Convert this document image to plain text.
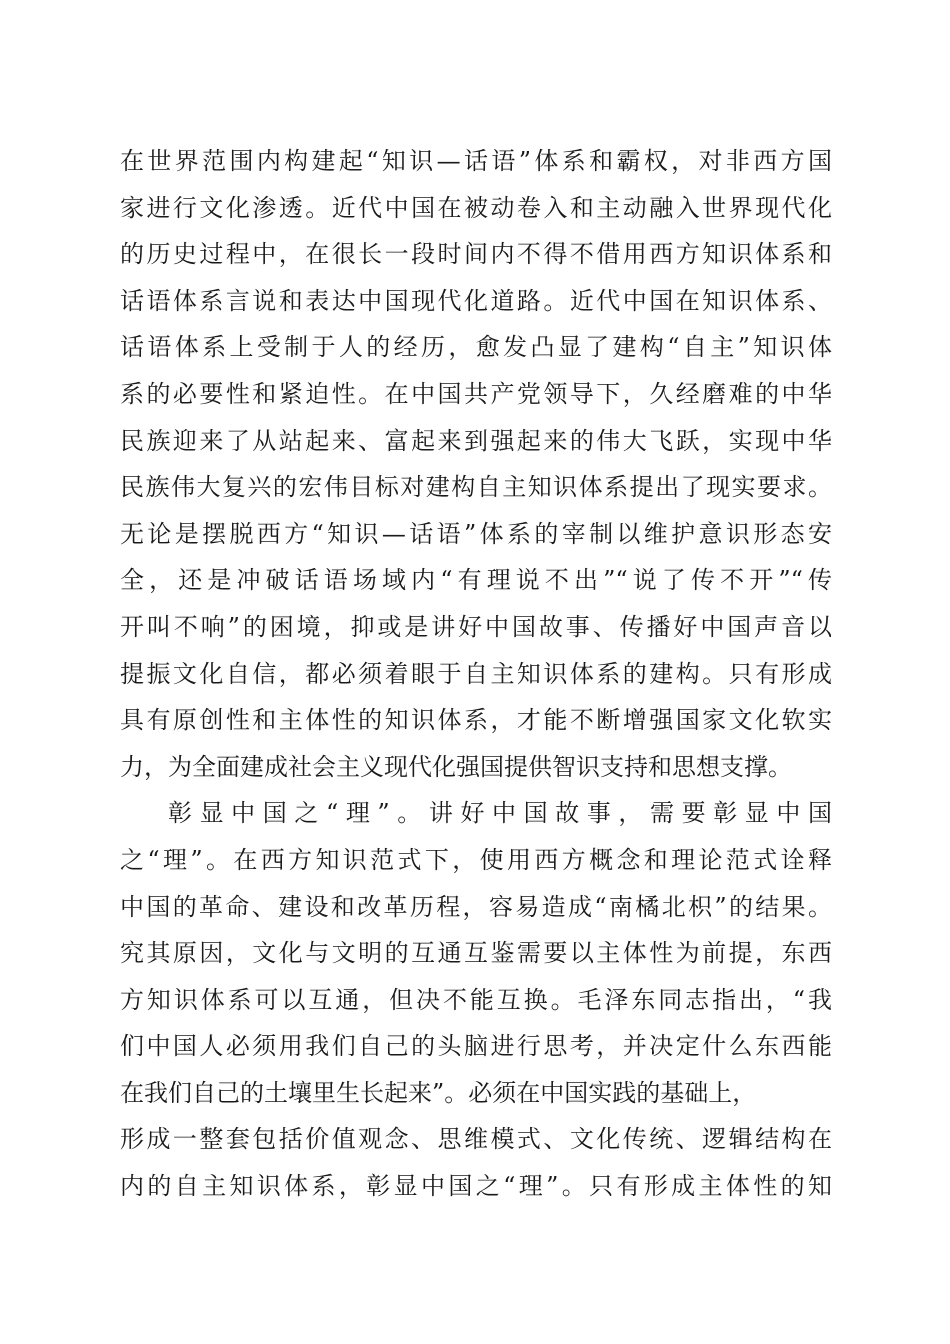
在世界范围内构建起“知识—话语”体系和霸权，对非西方国
家进行文化渗透。近代中国在被动卷入和主动融入世界现代化
的历史过程中，在很长一段时间内不得不借用西方知识体系和
话语体系言说和表达中国现代化道路。近代中国在知识体系、
话语体系上受制于人的经历，愈发凸显了建构“自主”知识体
系的必要性和紧迫性。在中国共产党领导下，久经磨难的中华
民族迎来了从站起来、富起来到强起来的伟大飞跃，实现中华
民族伟大复兴的宏伟目标对建构自主知识体系提出了现实要求。
无论是摆脱西方“知识—话语”体系的宰制以维护意识形态安
全，还是冲破话语场域内“有理说不出”“说了传不开”“传
开叫不响”的困境，抑或是讲好中国故事、传播好中国声音以
提振文化自信，都必须着眼于自主知识体系的建构。只有形成
具有原创性和主体性的知识体系，才能不断增强国家文化软实
力，为全面建成社会主义现代化强国提供智识支持和思想支撑。
彰显中国之“理”。讲好中国故事，需要彰显中国
之“理”。在西方知识范式下，使用西方概念和理论范式诠释
中国的革命、建设和改革历程，容易造成“南橘北枳”的结果。
究其原因，文化与文明的互通互鉴需要以主体性为前提，东西
方知识体系可以互通，但决不能互换。毛泽东同志指出，“我
们中国人必须用我们自己的头脑进行思考，并决定什么东西能
在我们自己的土壤里生长起来”。必须在中国实践的基础上，
形成一整套包括价值观念、思维模式、文化传统、逻辑结构在
内的自主知识体系，彰显中国之“理”。只有形成主体性的知
